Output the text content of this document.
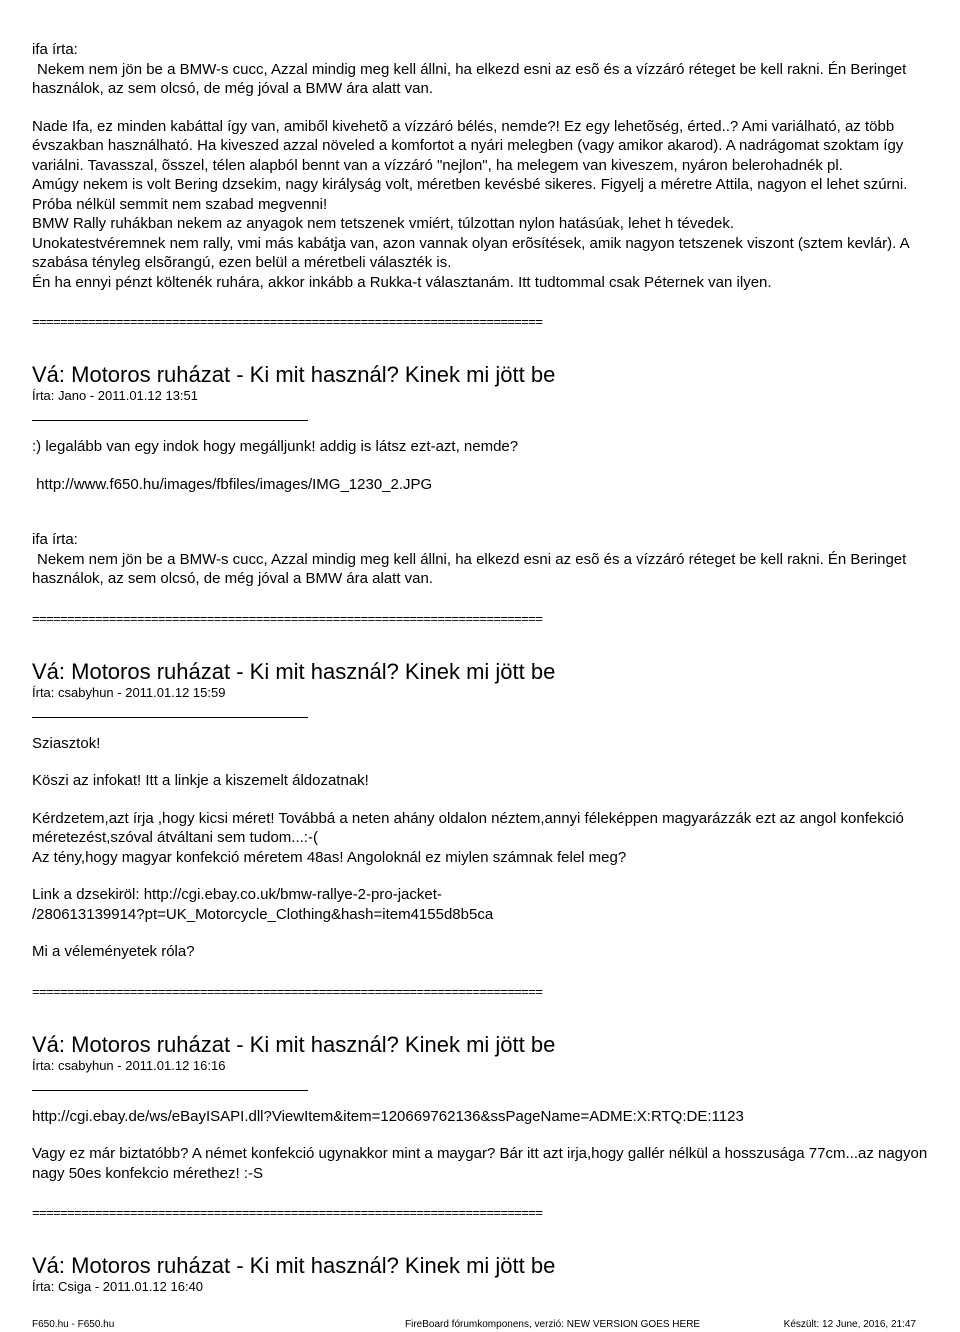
ifa írta:

Nekem nem jön be a BMW-s cucc, Azzal mindig meg kell állni, ha elkezd esni az esõ és a vízzáró réteget be kell rakni. Én Beringet használok, az sem olcsó, de még jóval a BMW ára alatt van.

Nade Ifa, ez minden kabáttal így van, amiből kivehetõ a vízzáró bélés, nemde?! Ez egy lehetõség, érted..? Ami variálható, az több évszakban használható. Ha kiveszed azzal növeled a komfortot a nyári melegben (vagy amikor akarod). A nadrágomat szoktam így variálni. Tavasszal, õsszel, télen alapból bennt van a vízzáró "nejlon", ha melegem van kiveszem, nyáron belerohadnék pl.

Amúgy nekem is volt Bering dzsekim, nagy királyság volt, méretben kevésbé sikeres. Figyelj a méretre Attila, nagyon el lehet szúrni. Próba nélkül semmit nem szabad megvenni!

BMW Rally ruhákban nekem az anyagok nem tetszenek vmiért, túlzottan nylon hatásúak, lehet h tévedek.

Unokatestvéremnek nem rally, vmi más kabátja van, azon vannak olyan erõsítések, amik nagyon tetszenek viszont (sztem kevlár). A szabása tényleg elsõrangú, ezen belül a méretbeli választék is.

Én ha ennyi pénzt költenék ruhára, akkor inkább a Rukka-t választanám. Itt tudtommal csak Péternek van ilyen.

=========================================================================
Vá: Motoros ruházat - Ki mit használ? Kinek mi jött be
Írta: Jano - 2011.01.12 13:51

:) legalább van egy indok hogy megálljunk! addig is látsz ezt-azt, nemde?

http://www.f650.hu/images/fbfiles/images/IMG_1230_2.JPG

ifa írta:

Nekem nem jön be a BMW-s cucc, Azzal mindig meg kell állni, ha elkezd esni az esõ és a vízzáró réteget be kell rakni. Én Beringet használok, az sem olcsó, de még jóval a BMW ára alatt van.

=========================================================================
Vá: Motoros ruházat - Ki mit használ? Kinek mi jött be
Írta: csabyhun - 2011.01.12 15:59

Sziasztok!

Köszi az infokat! Itt a linkje a kiszemelt áldozatnak!

Kérdzetem,azt írja ,hogy kicsi méret! Továbbá a neten ahány oldalon néztem,annyi féleképpen magyarázzák ezt az angol konfekció méretezést,szóval átváltani sem tudom...:-(
Az tény,hogy magyar konfekció méretem 48as! Angoloknál ez miylen számnak felel meg?

Link a dzsekiröl: http://cgi.ebay.co.uk/bmw-rallye-2-pro-jacket-
/280613139914?pt=UK_Motorcycle_Clothing&hash=item4155d8b5ca

Mi a véleményetek róla?

=========================================================================
Vá: Motoros ruházat - Ki mit használ? Kinek mi jött be
Írta: csabyhun - 2011.01.12 16:16

http://cgi.ebay.de/ws/eBayISAPI.dll?ViewItem&item=120669762136&ssPageName=ADME:X:RTQ:DE:1123

Vagy ez már biztatóbb? A német konfekció ugynakkor mint a maygar? Bár itt azt irja,hogy gallér nélkül a hosszusága 77cm...az nagyon nagy 50es konfekcio mérethez! :-S

=========================================================================
Vá: Motoros ruházat - Ki mit használ? Kinek mi jött be
Írta: Csiga - 2011.01.12 16:40
F650.hu - F650.hu	FireBoard fórumkomponens, verzió: NEW VERSION GOES HERE	Készült: 12 June, 2016, 21:47
